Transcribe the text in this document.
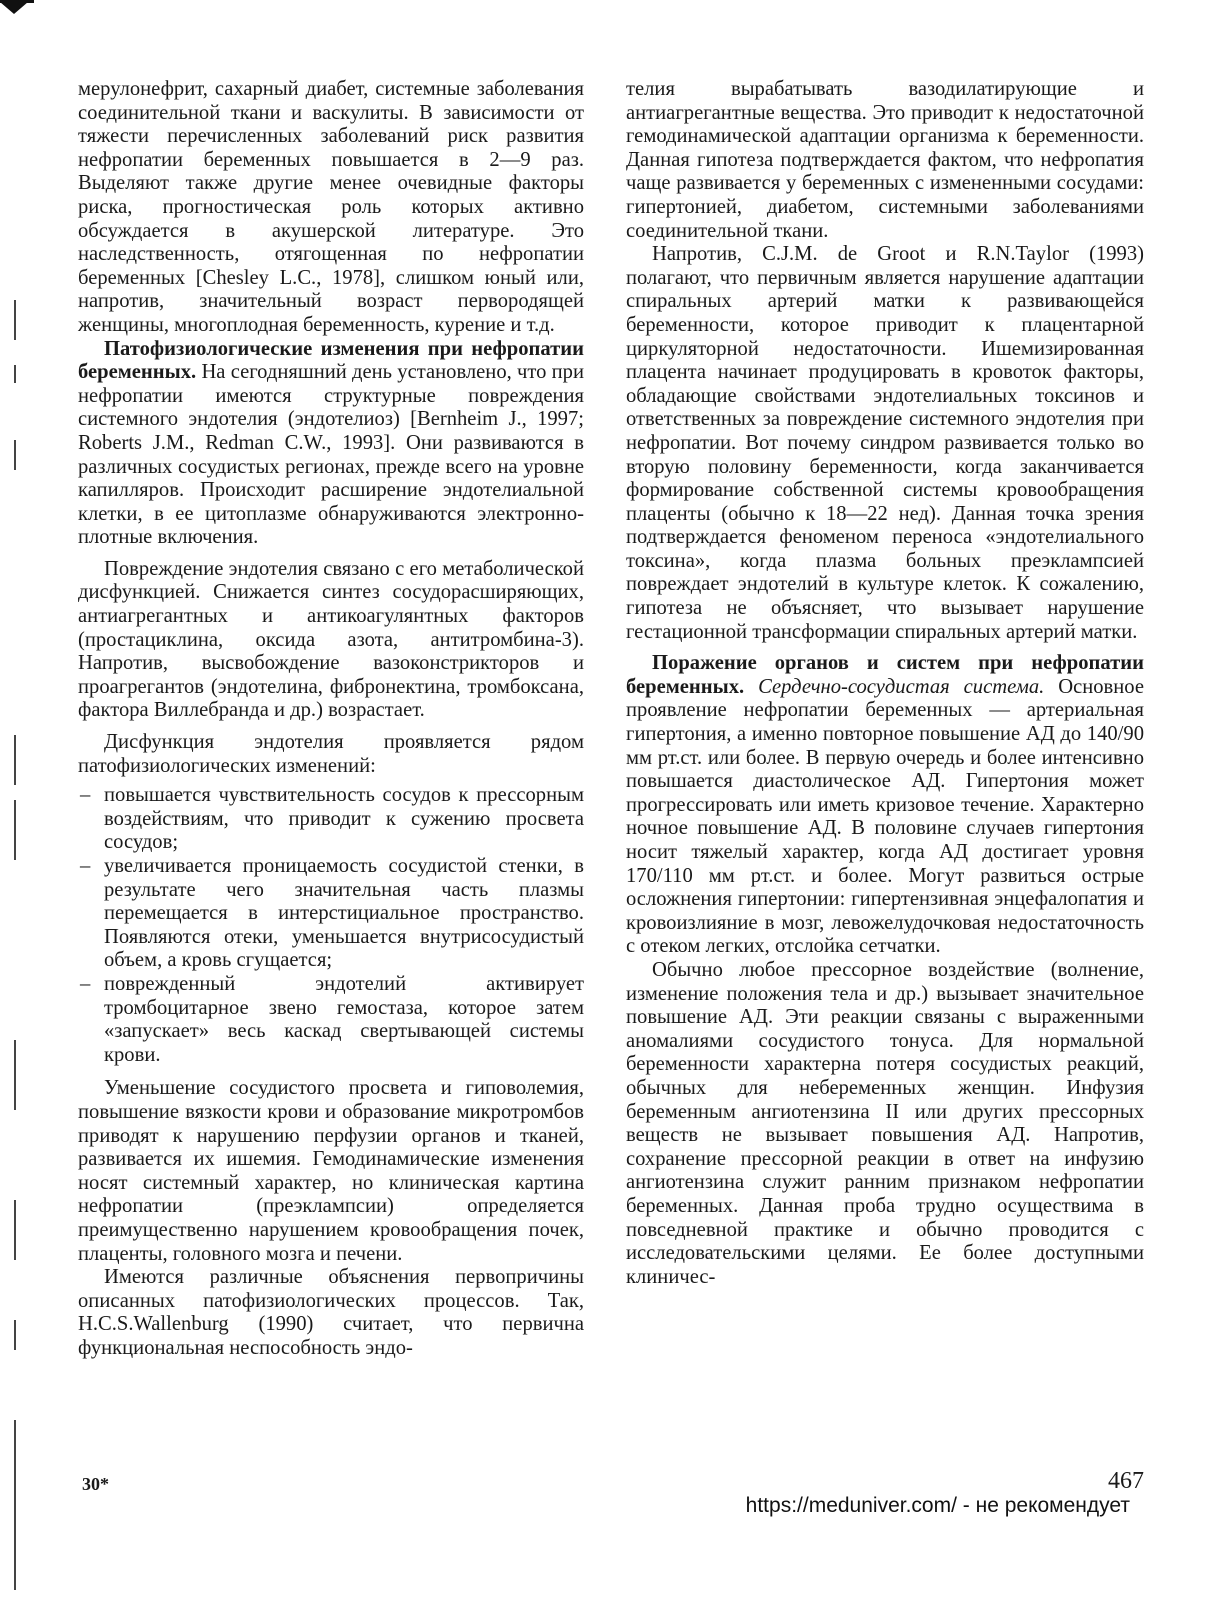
мерулонефрит, сахарный диабет, системные заболевания соединительной ткани и васкулиты. В зависимости от тяжести перечисленных заболеваний риск развития нефропатии беременных повышается в 2—9 раз. Выделяют также другие менее очевидные факторы риска, прогностическая роль которых активно обсуждается в акушерской литературе. Это наследственность, отягощенная по нефропатии беременных [Chesley L.C., 1978], слишком юный или, напротив, значительный возраст первородящей женщины, многоплодная беременность, курение и т.д.

Патофизиологические изменения при нефропатии беременных. На сегодняшний день установлено, что при нефропатии имеются структурные повреждения системного эндотелия (эндотелиоз) [Bernheim J., 1997; Roberts J.M., Redman C.W., 1993]. Они развиваются в различных сосудистых регионах, прежде всего на уровне капилляров. Происходит расширение эндотелиальной клетки, в ее цитоплазме обнаруживаются электронно-плотные включения.

Повреждение эндотелия связано с его метаболической дисфункцией. Снижается синтез сосудорасширяющих, антиагрегантных и антикоагулянтных факторов (простациклина, оксида азота, антитромбина-3). Напротив, высвобождение вазоконстрикторов и проагрегантов (эндотелина, фибронектина, тромбоксана, фактора Виллебранда и др.) возрастает.

Дисфункция эндотелия проявляется рядом патофизиологических изменений:

– повышается чувствительность сосудов к прессорным воздействиям, что приводит к сужению просвета сосудов;
– увеличивается проницаемость сосудистой стенки, в результате чего значительная часть плазмы перемещается в интерстициальное пространство. Появляются отеки, уменьшается внутрисосудистый объем, а кровь сгущается;
– поврежденный эндотелий активирует тромбоцитарное звено гемостаза, которое затем «запускает» весь каскад свертывающей системы крови.

Уменьшение сосудистого просвета и гиповолемия, повышение вязкости крови и образование микротромбов приводят к нарушению перфузии органов и тканей, развивается их ишемия. Гемодинамические изменения носят системный характер, но клиническая картина нефропатии (преэклампсии) определяется преимущественно нарушением кровообращения почек, плаценты, головного мозга и печени.

Имеются различные объяснения первопричины описанных патофизиологических процессов. Так, H.C.S.Wallenburg (1990) считает, что первична функциональная неспособность эндо-

телия вырабатывать вазодилатирующие и антиагрегантные вещества. Это приводит к недостаточной гемодинамической адаптации организма к беременности. Данная гипотеза подтверждается фактом, что нефропатия чаще развивается у беременных с измененными сосудами: гипертонией, диабетом, системными заболеваниями соединительной ткани.

Напротив, C.J.M. de Groot и R.N.Taylor (1993) полагают, что первичным является нарушение адаптации спиральных артерий матки к развивающейся беременности, которое приводит к плацентарной циркуляторной недостаточности. Ишемизированная плацента начинает продуцировать в кровоток факторы, обладающие свойствами эндотелиальных токсинов и ответственных за повреждение системного эндотелия при нефропатии. Вот почему синдром развивается только во вторую половину беременности, когда заканчивается формирование собственной системы кровообращения плаценты (обычно к 18—22 нед). Данная точка зрения подтверждается феноменом переноса «эндотелиального токсина», когда плазма больных преэклампсией повреждает эндотелий в культуре клеток. К сожалению, гипотеза не объясняет, что вызывает нарушение гестационной трансформации спиральных артерий матки.

Поражение органов и систем при нефропатии беременных. Сердечно-сосудистая система. Основное проявление нефропатии беременных — артериальная гипертония, а именно повторное повышение АД до 140/90 мм рт.ст. или более. В первую очередь и более интенсивно повышается диастолическое АД. Гипертония может прогрессировать или иметь кризовое течение. Характерно ночное повышение АД. В половине случаев гипертония носит тяжелый характер, когда АД достигает уровня 170/110 мм рт.ст. и более. Могут развиться острые осложнения гипертонии: гипертензивная энцефалопатия и кровоизлияние в мозг, левожелудочковая недостаточность с отеком легких, отслойка сетчатки.

Обычно любое прессорное воздействие (волнение, изменение положения тела и др.) вызывает значительное повышение АД. Эти реакции связаны с выраженными аномалиями сосудистого тонуса. Для нормальной беременности характерна потеря сосудистых реакций, обычных для небеременных женщин. Инфузия беременным ангиотензина II или других прессорных веществ не вызывает повышения АД. Напротив, сохранение прессорной реакции в ответ на инфузию ангиотензина служит ранним признаком нефропатии беременных. Данная проба трудно осуществима в повседневной практике и обычно проводится с исследовательскими целями. Ее более доступными клиничес-

30*	467
https://meduniver.com/ - не рекомендует
